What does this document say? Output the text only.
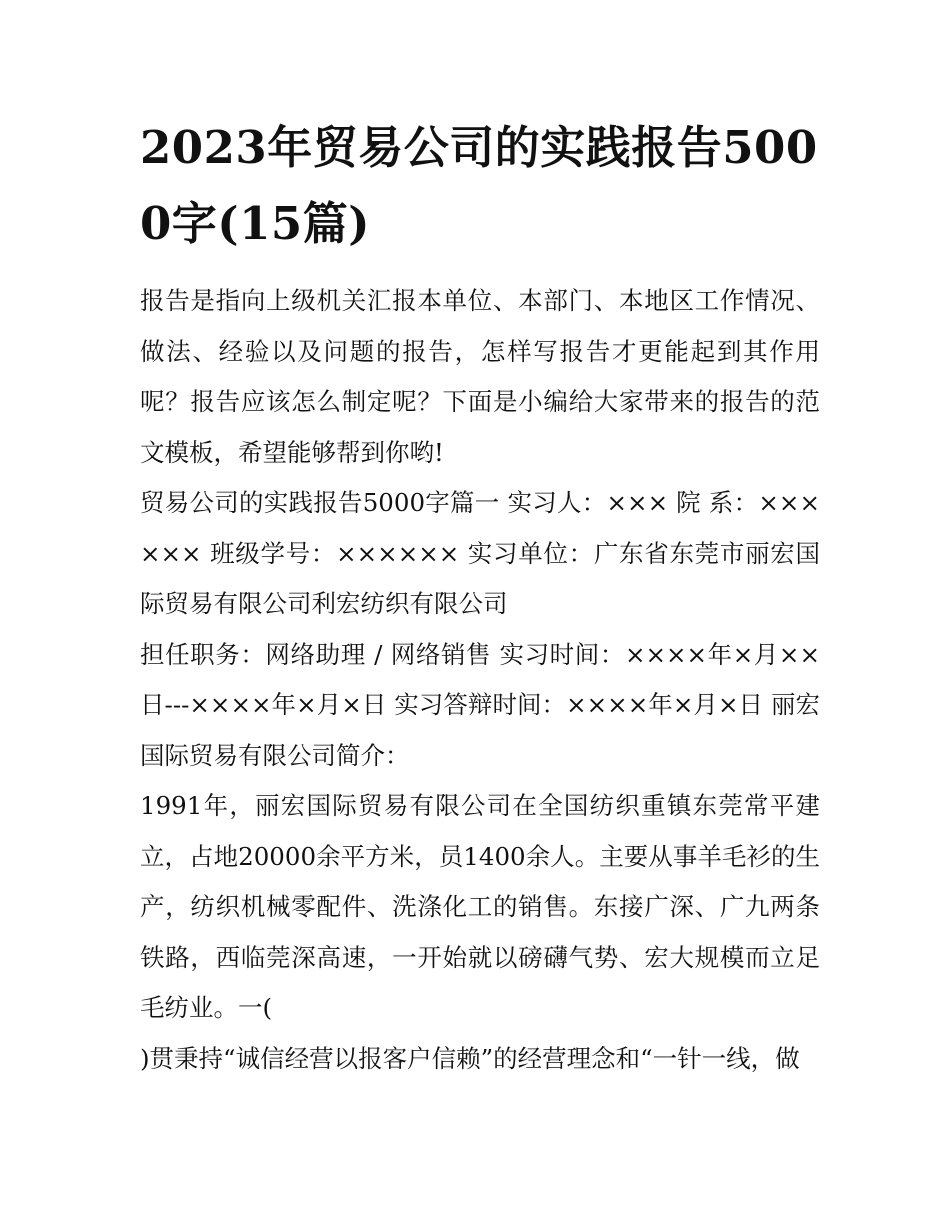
2023年贸易公司的实践报告5000字(15篇)

报告是指向上级机关汇报本单位、本部门、本地区工作情况、做法、经验以及问题的报告，怎样写报告才更能起到其作用呢？报告应该怎么制定呢？下面是小编给大家带来的报告的范文模板，希望能够帮到你哟!

贸易公司的实践报告5000字篇一 实习人：××× 院 系：×××××× 班级学号：×××××× 实习单位：广东省东莞市丽宏国际贸易有限公司利宏纺织有限公司

担任职务：网络助理 / 网络销售 实习时间：××××年×月××日---××××年×月×日 实习答辩时间：××××年×月×日 丽宏国际贸易有限公司简介：

1991年，丽宏国际贸易有限公司在全国纺织重镇东莞常平建立，占地20000余平方米，员1400余人。主要从事羊毛衫的生产，纺织机械零配件、洗涤化工的销售。东接广深、广九两条铁路，西临莞深高速，一开始就以磅礴气势、宏大规模而立足毛纺业。一(

)贯秉持“诚信经营以报客户信赖”的经营理念和“一针一线，做
